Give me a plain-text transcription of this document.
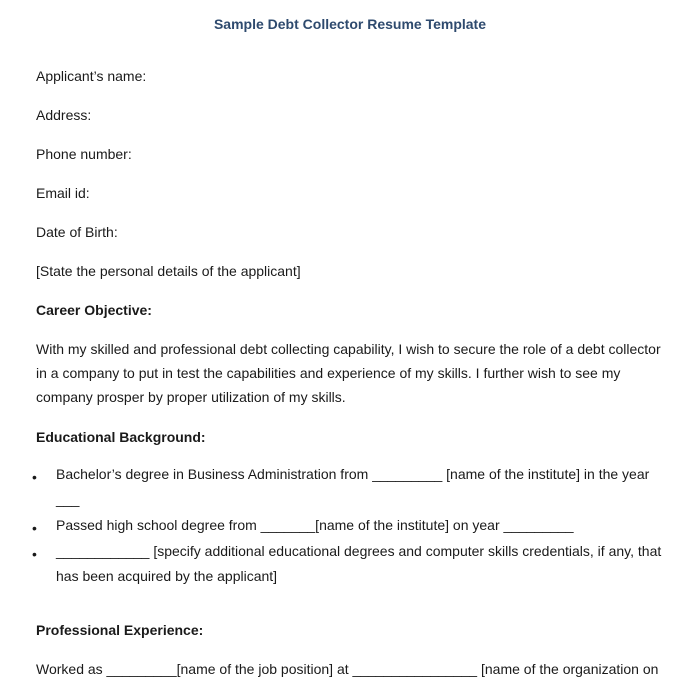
Sample Debt Collector Resume Template
Applicant’s name:
Address:
Phone number:
Email id:
Date of Birth:
[State the personal details of the applicant]
Career Objective:
With my skilled and professional debt collecting capability, I wish to secure the role of a debt collector in a company to put in test the capabilities and experience of my skills. I further wish to see my company prosper by proper utilization of my skills.
Educational Background:
• Bachelor’s degree in Business Administration from _________ [name of the institute] in the year ___
• Passed high school degree from _______[name of the institute] on year _________
• ____________ [specify additional educational degrees and computer skills credentials, if any, that has been acquired by the applicant]
Professional Experience:
Worked as _________[name of the job position] at ________________ [name of the organization on
